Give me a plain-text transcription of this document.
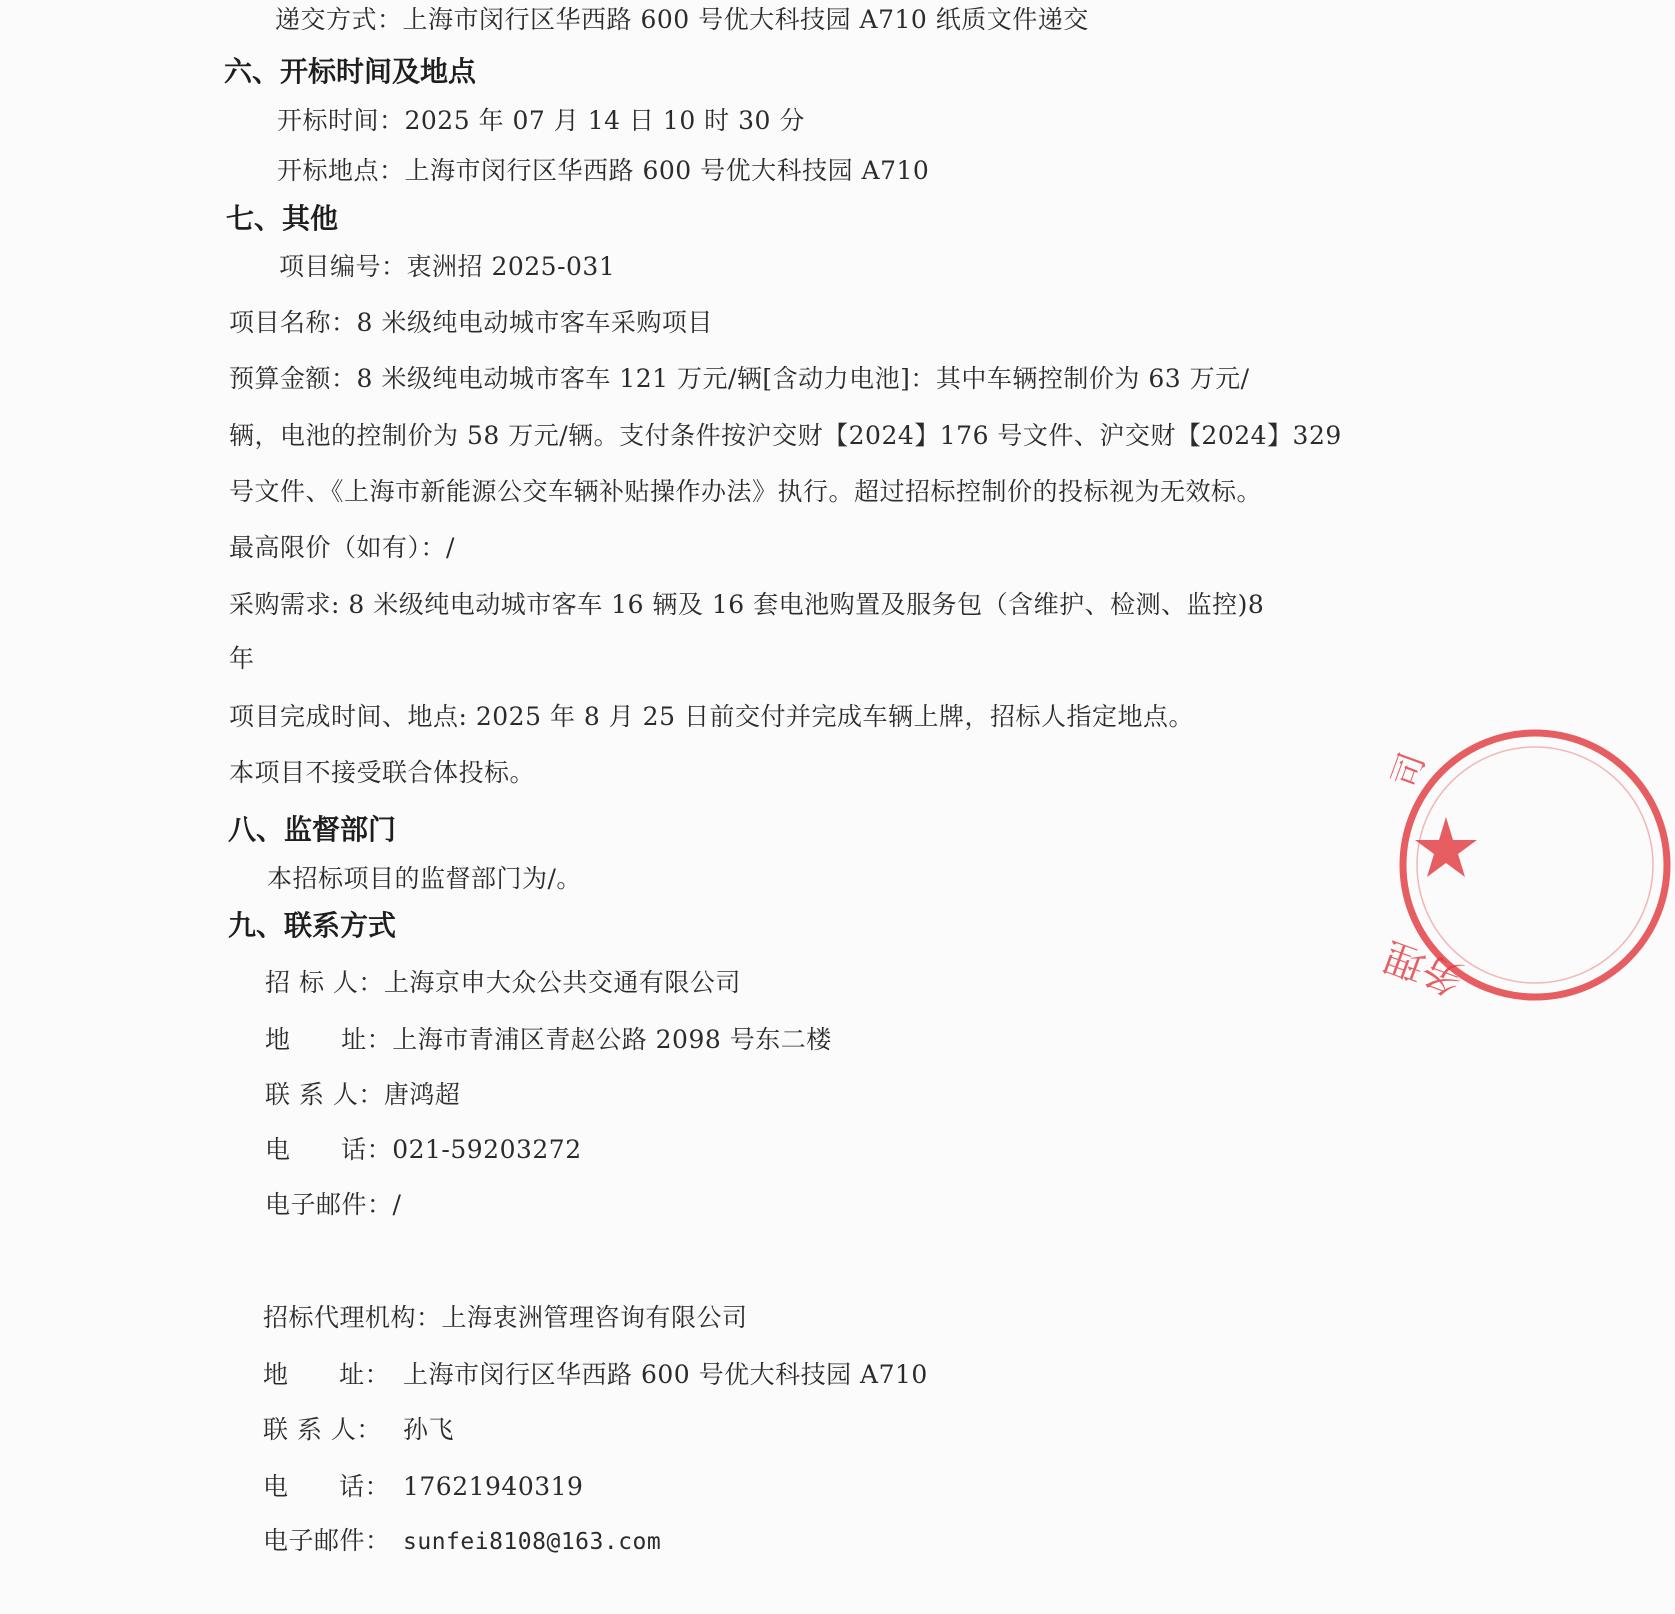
递交方式：上海市闵行区华西路 600 号优大科技园 A710 纸质文件递交
六、开标时间及地点
开标时间：2025 年 07 月 14 日 10 时 30 分
开标地点：上海市闵行区华西路 600 号优大科技园 A710
七、其他
项目编号：衷洲招 2025-031
项目名称：8 米级纯电动城市客车采购项目
预算金额：8 米级纯电动城市客车 121 万元/辆[含动力电池]：其中车辆控制价为 63 万元/
辆，电池的控制价为 58 万元/辆。支付条件按沪交财【2024】176 号文件、沪交财【2024】329
号文件、《上海市新能源公交车辆补贴操作办法》执行。超过招标控制价的投标视为无效标。
最高限价（如有）：/
采购需求: 8 米级纯电动城市客车 16 辆及 16 套电池购置及服务包（含维护、检测、监控)8
年
项目完成时间、地点: 2025 年 8 月 25 日前交付并完成车辆上牌，招标人指定地点。
本项目不接受联合体投标。
八、监督部门
本招标项目的监督部门为/。
九、联系方式
招 标 人：上海京申大众公共交通有限公司
地      址：上海市青浦区青赵公路 2098 号东二楼
联 系 人：唐鸿超
电      话：021-59203272
电子邮件：/
招标代理机构：上海衷洲管理咨询有限公司
地      址： 上海市闵行区华西路 600 号优大科技园 A710
联 系 人： 孙飞
电      话： 17621940319
电子邮件： sunfei8108@163.com
司
务理
